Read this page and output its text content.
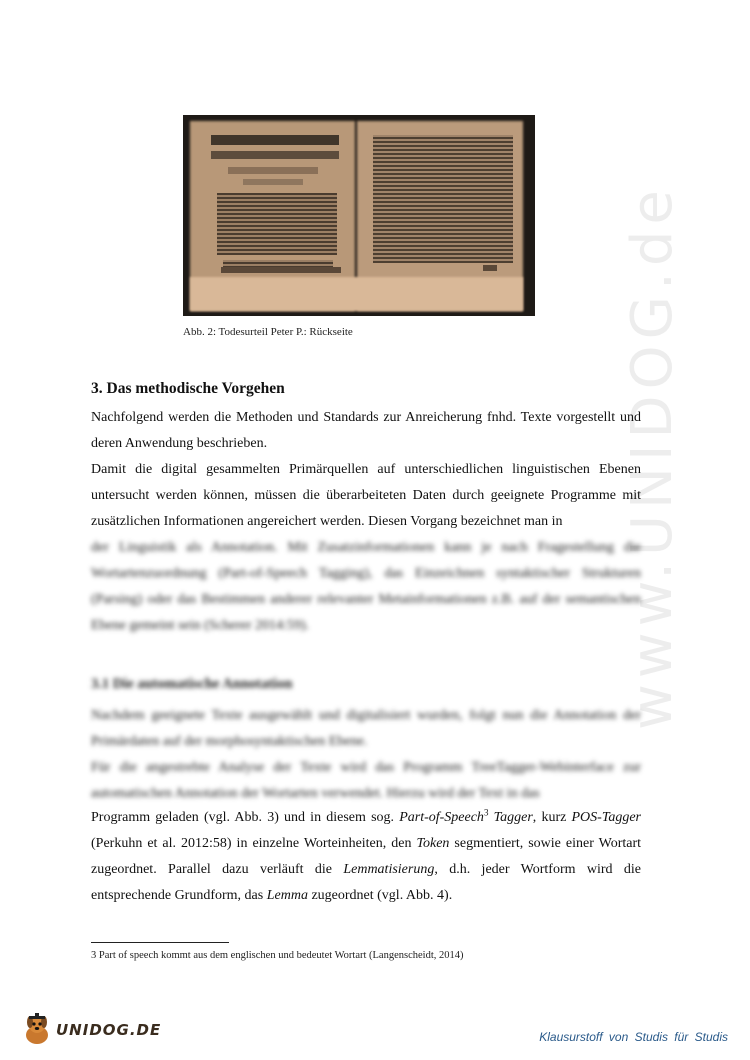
www.UNIDOG.de
Abb. 2: Todesurteil Peter P.: Rückseite
3. Das methodische Vorgehen

Nachfolgend werden die Methoden und Standards zur Anreicherung fnhd. Texte vorgestellt und deren Anwendung beschrieben.

Damit die digital gesammelten Primärquellen auf unterschiedlichen linguistischen Ebenen untersucht werden können, müssen die überarbeiteten Daten durch geeignete Programme mit zusätzlichen Informationen angereichert werden. Diesen Vorgang bezeichnet man in

der Linguistik als Annotation. Mit Zusatzinformationen kann je nach Fragestellung die Wortartenzuordnung (Part-of-Speech Tagging), das Einzeichnen syntaktischer Strukturen (Parsing) oder das Bestimmen anderer relevanter Metainformationen z.B. auf der semantischen Ebene gemeint sein (Scherer 2014:59).

3.1 Die automatische Annotation

Nachdem geeignete Texte ausgewählt und digitalisiert wurden, folgt nun die Annotation der Primärdaten auf der morphosyntaktischen Ebene.

Für die angestrebte Analyse der Texte wird das Programm TreeTagger-Webinterface zur automatischen Annotation der Wortarten verwendet. Hierzu wird der Text in das

Programm geladen (vgl. Abb. 3) und in diesem sog. Part-of-Speech$^3$ Tagger, kurz POS-Tagger (Perkuhn et al. 2012:58) in einzelne Worteinheiten, den Token segmentiert, sowie einer Wortart zugeordnet. Parallel dazu verläuft die Lemmatisierung, d.h. jeder Wortform wird die entsprechende Grundform, das Lemma zugeordnet (vgl. Abb. 4).

3 Part of speech kommt aus dem englischen und bedeutet Wortart (Langenscheidt, 2014)
UNIDOG.DE	Klausurstoff von Studis für Studis
